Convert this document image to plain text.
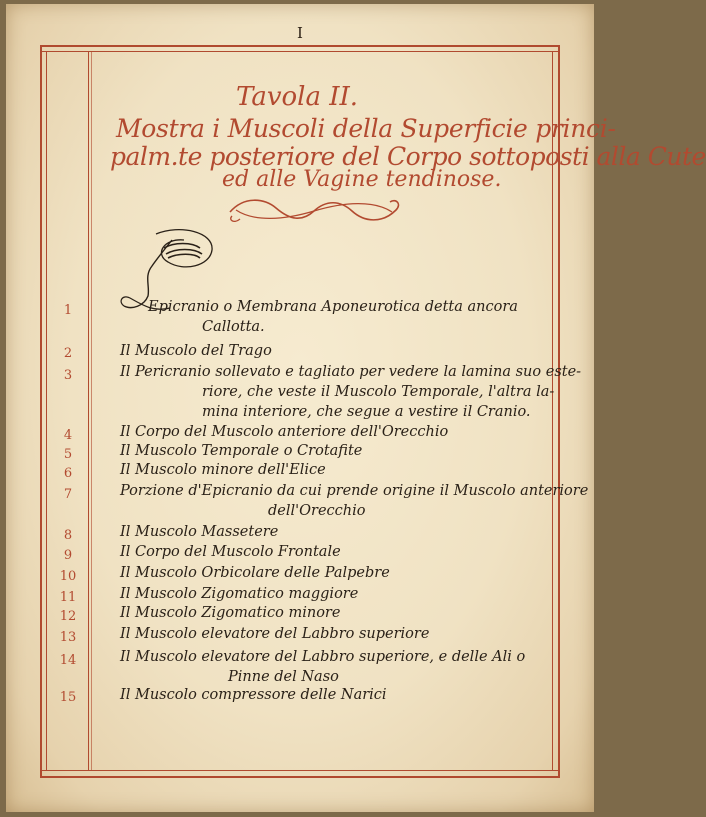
I
Tavola II.
Mostra i Muscoli della Superficie princi-
palm.te posteriore del Corpo sottoposti alla Cute
ed alle Vagine tendinose.
1
2
3
4
5
6
7
8
9
10
11
12
13
14
15
Epicranio o Membrana Aponeurotica detta ancora
Callotta.
Il Muscolo del Trago
Il Pericranio sollevato e tagliato per vedere la lamina suo este-
riore, che veste il Muscolo Temporale, l'altra la-
mina interiore, che segue a vestire il Cranio.
Il Corpo del Muscolo anteriore dell'Orecchio
Il Muscolo Temporale o Crotafite
Il Muscolo minore dell'Elice
Porzione d'Epicranio da cui prende origine il Muscolo anteriore
dell'Orecchio
Il Muscolo Massetere
Il Corpo del Muscolo Frontale
Il Muscolo Orbicolare delle Palpebre
Il Muscolo Zigomatico maggiore
Il Muscolo Zigomatico minore
Il Muscolo elevatore del Labbro superiore
Il Muscolo elevatore del Labbro superiore, e delle Ali o
Pinne del Naso
Il Muscolo compressore delle Narici
